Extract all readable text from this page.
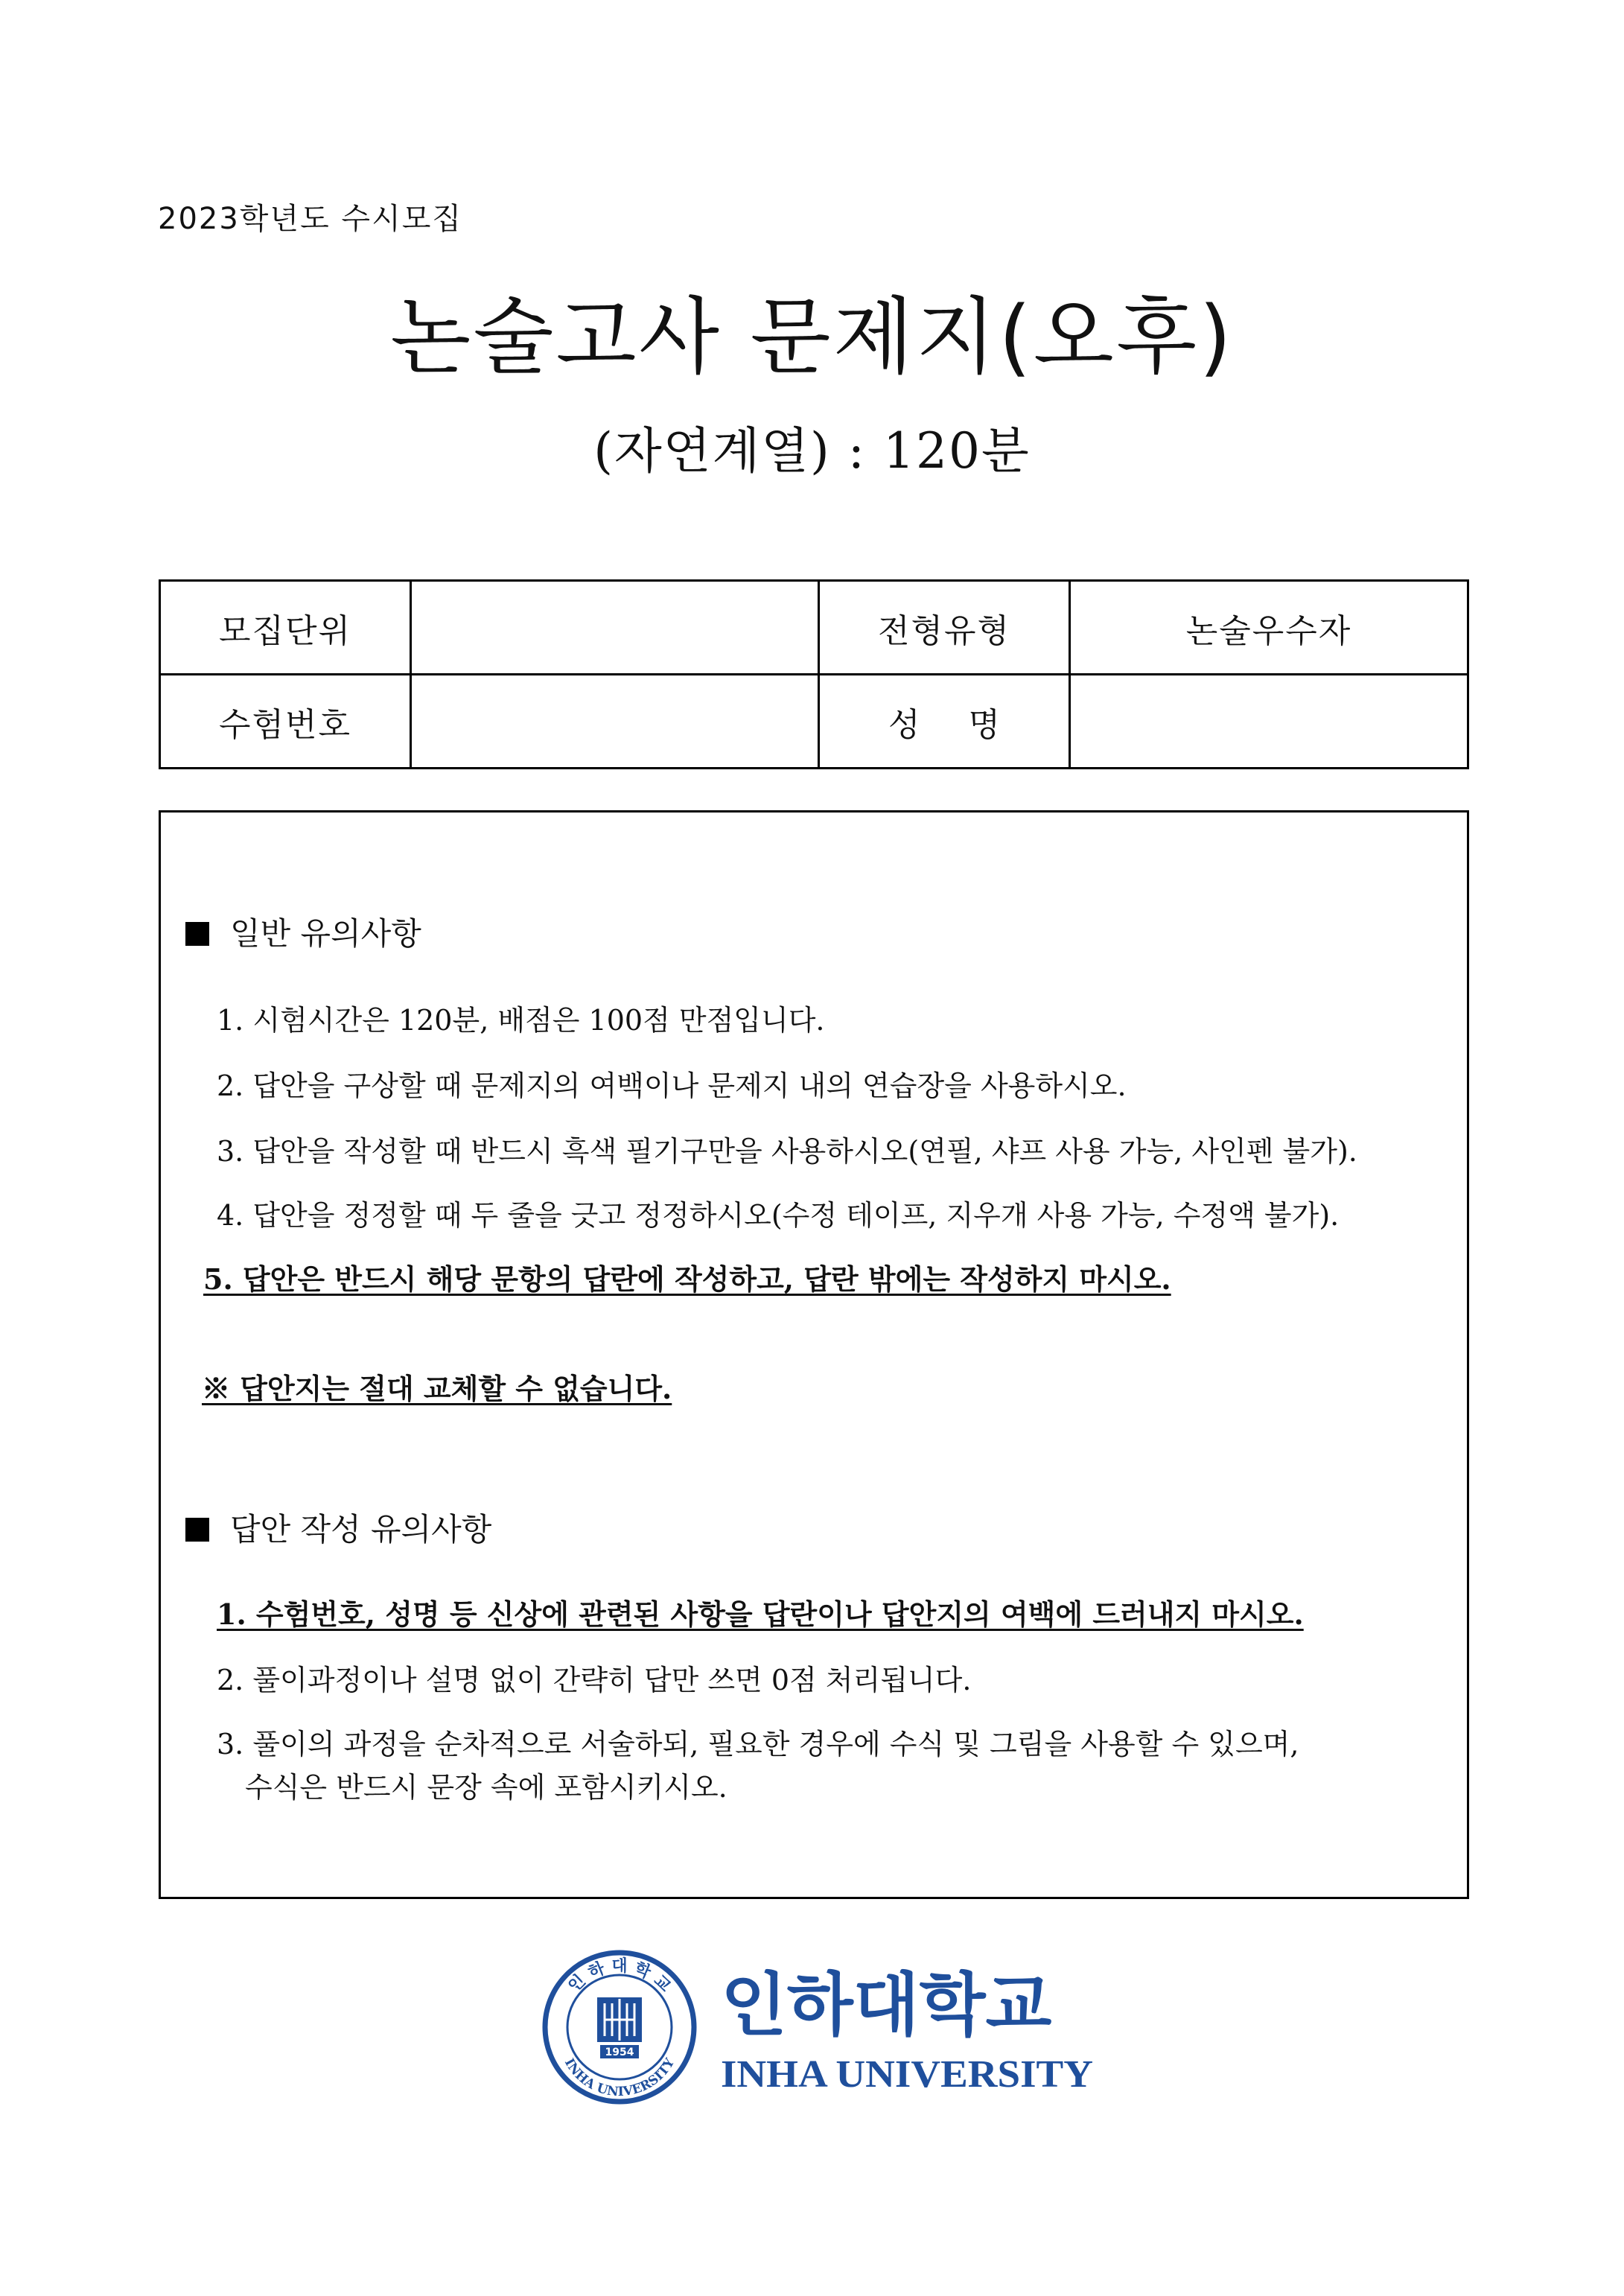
2023학년도 수시모집
논술고사 문제지(오후)
(자연계열) : 120분
모집단위		전형유형	논술우수자
수험번호		성 명	

일반 유의사항
1. 시험시간은 120분, 배점은 100점 만점입니다.
2. 답안을 구상할 때 문제지의 여백이나 문제지 내의 연습장을 사용하시오.
3. 답안을 작성할 때 반드시 흑색 필기구만을 사용하시오(연필, 샤프 사용 가능, 사인펜 불가).
4. 답안을 정정할 때 두 줄을 긋고 정정하시오(수정 테이프, 지우개 사용 가능, 수정액 불가).
5. 답안은 반드시 해당 문항의 답란에 작성하고, 답란 밖에는 작성하지 마시오.
※ 답안지는 절대 교체할 수 없습니다.
답안 작성 유의사항
1. 수험번호, 성명 등 신상에 관련된 사항을 답란이나 답안지의 여백에 드러내지 마시오.
2. 풀이과정이나 설명 없이 간략히 답만 쓰면 0점 처리됩니다.
3. 풀이의 과정을 순차적으로 서술하되, 필요한 경우에 수식 및 그림을 사용할 수 있으며,
수식은 반드시 문장 속에 포함시키시오.
인 하 대 학 교
INHA UNIVERSITY
1954
인하대학교
INHA UNIVERSITY
